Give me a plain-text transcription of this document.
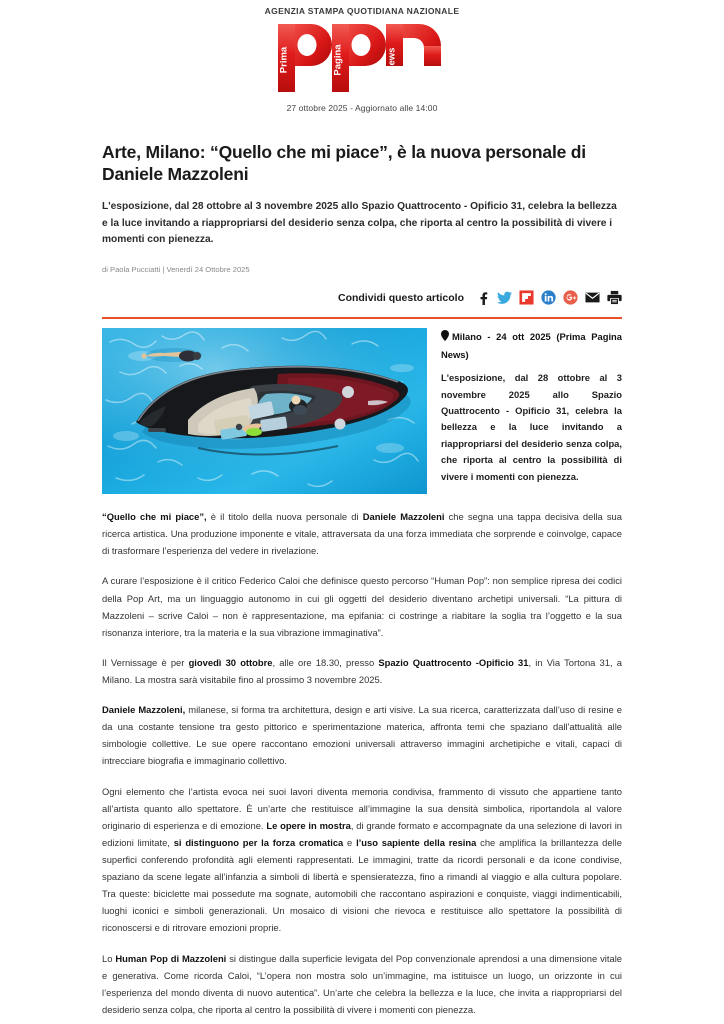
AGENZIA STAMPA QUOTIDIANA NAZIONALE
Prima	Pagina	News
27 ottobre 2025 - Aggiornato alle 14:00
Arte, Milano: “Quello che mi piace”, è la nuova personale di Daniele Mazzoleni

L'esposizione, dal 28 ottobre al 3 novembre 2025 allo Spazio Quattrocento - Opificio 31, celebra la bellezza e la luce invitando a riappropriarsi del desiderio senza colpa, che riporta al centro la possibilità di vivere i momenti con pienezza.

di Paola Pucciatti | Venerdì 24 Ottobre 2025
Condividi questo articolo

Milano - 24 ott 2025 (Prima Pagina News)

L'esposizione, dal 28 ottobre al 3 novembre 2025 allo Spazio Quattrocento - Opificio 31, celebra la bellezza e la luce invitando a riappropriarsi del desiderio senza colpa, che riporta al centro la possibilità di vivere i momenti con pienezza.

“Quello che mi piace”, è il titolo della nuova personale di Daniele Mazzoleni che segna una tappa decisiva della sua ricerca artistica. Una produzione imponente e vitale, attraversata da una forza immediata che sorprende e coinvolge, capace di trasformare l’esperienza del vedere in rivelazione.

A curare l’esposizione è il critico Federico Caloi che definisce questo percorso “Human Pop”: non semplice ripresa dei codici della Pop Art, ma un linguaggio autonomo in cui gli oggetti del desiderio diventano archetipi universali. “La pittura di Mazzoleni – scrive Caloi – non è rappresentazione, ma epifania: ci costringe a riabitare la soglia tra l’oggetto e la sua risonanza interiore, tra la materia e la sua vibrazione immaginativa”.

Il Vernissage è per giovedì 30 ottobre, alle ore 18.30, presso Spazio Quattrocento -Opificio 31, in Via Tortona 31, a Milano. La mostra sarà visitabile fino al prossimo 3 novembre 2025.

Daniele Mazzoleni, milanese, si forma tra architettura, design e arti visive. La sua ricerca, caratterizzata dall’uso di resine e da una costante tensione tra gesto pittorico e sperimentazione materica, affronta temi che spaziano dall'attualità alle simbologie collettive. Le sue opere raccontano emozioni universali attraverso immagini archetipiche e vitali, capaci di intrecciare biografia e immaginario collettivo.

Ogni elemento che l’artista evoca nei suoi lavori diventa memoria condivisa, frammento di vissuto che appartiene tanto all’artista quanto allo spettatore. È un’arte che restituisce all’immagine la sua densità simbolica, riportandola al valore originario di esperienza e di emozione. Le opere in mostra, di grande formato e accompagnate da una selezione di lavori in edizioni limitate, si distinguono per la forza cromatica e l’uso sapiente della resina che amplifica la brillantezza delle superfici conferendo profondità agli elementi rappresentati. Le immagini, tratte da ricordi personali e da icone condivise, spaziano da scene legate all’infanzia a simboli di libertà e spensieratezza, fino a rimandi al viaggio e alla cultura popolare. Tra queste: biciclette mai possedute ma sognate, automobili che raccontano aspirazioni e conquiste, viaggi indimenticabili, luoghi iconici e simboli generazionali. Un mosaico di visioni che rievoca e restituisce allo spettatore la possibilità di riconoscersi e di ritrovare emozioni proprie.

Lo Human Pop di Mazzoleni si distingue dalla superficie levigata del Pop convenzionale aprendosi a una dimensione vitale e generativa. Come ricorda Caloi, “L’opera non mostra solo un’immagine, ma istituisce un luogo, un orizzonte in cui l’esperienza del mondo diventa di nuovo autentica”. Un’arte che celebra la bellezza e la luce, che invita a riappropriarsi del desiderio senza colpa, che riporta al centro la possibilità di vivere i momenti con pienezza.
